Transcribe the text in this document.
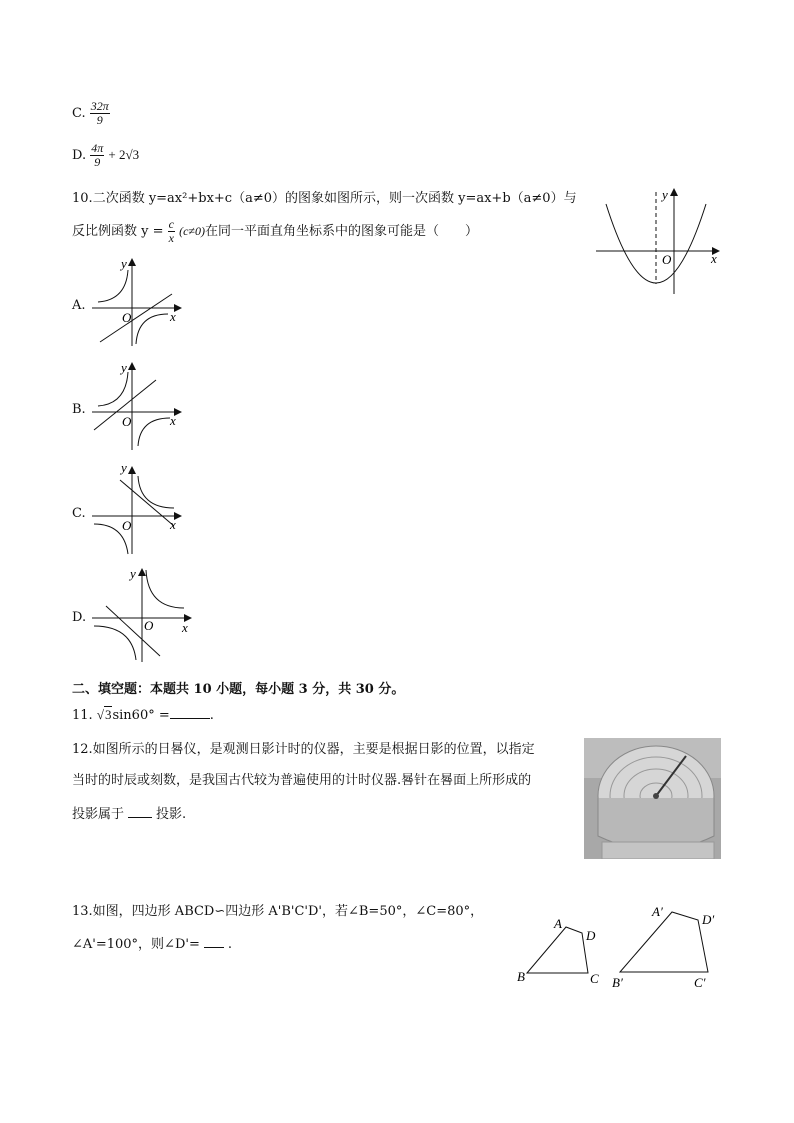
C. $\frac{32\pi}{9}$
D. $\frac{4\pi}{9} + 2√3$
10.二次函数 y=ax²+bx+c（a≠0）的图象如图所示，则一次函数 y=ax+b（a≠0）与
反比例函数 $y = \frac{c}{x} (c\ne 0)$在同一平面直角坐标系中的图象可能是（　　）
x
y
O
A.
x
y
O
B.
x
y
O
C.
x
y
O
D.
x
y
O
二、填空题：本题共 10 小题，每小题 3 分，共 30 分。
11. √3sin60° =	.
12.如图所示的日晷仪，是观测日影计时的仪器，主要是根据日影的位置，以指定
当时的时辰或刻数，是我国古代较为普遍使用的计时仪器.晷针在晷面上所形成的
投影属于 投影.
13.如图，四边形 ABCD∽四边形 A'B'C'D'，若∠B=50°，∠C=80°，
∠A'=100°，则∠D'= .
A
D
B	C
A′
D′
B′	C′
